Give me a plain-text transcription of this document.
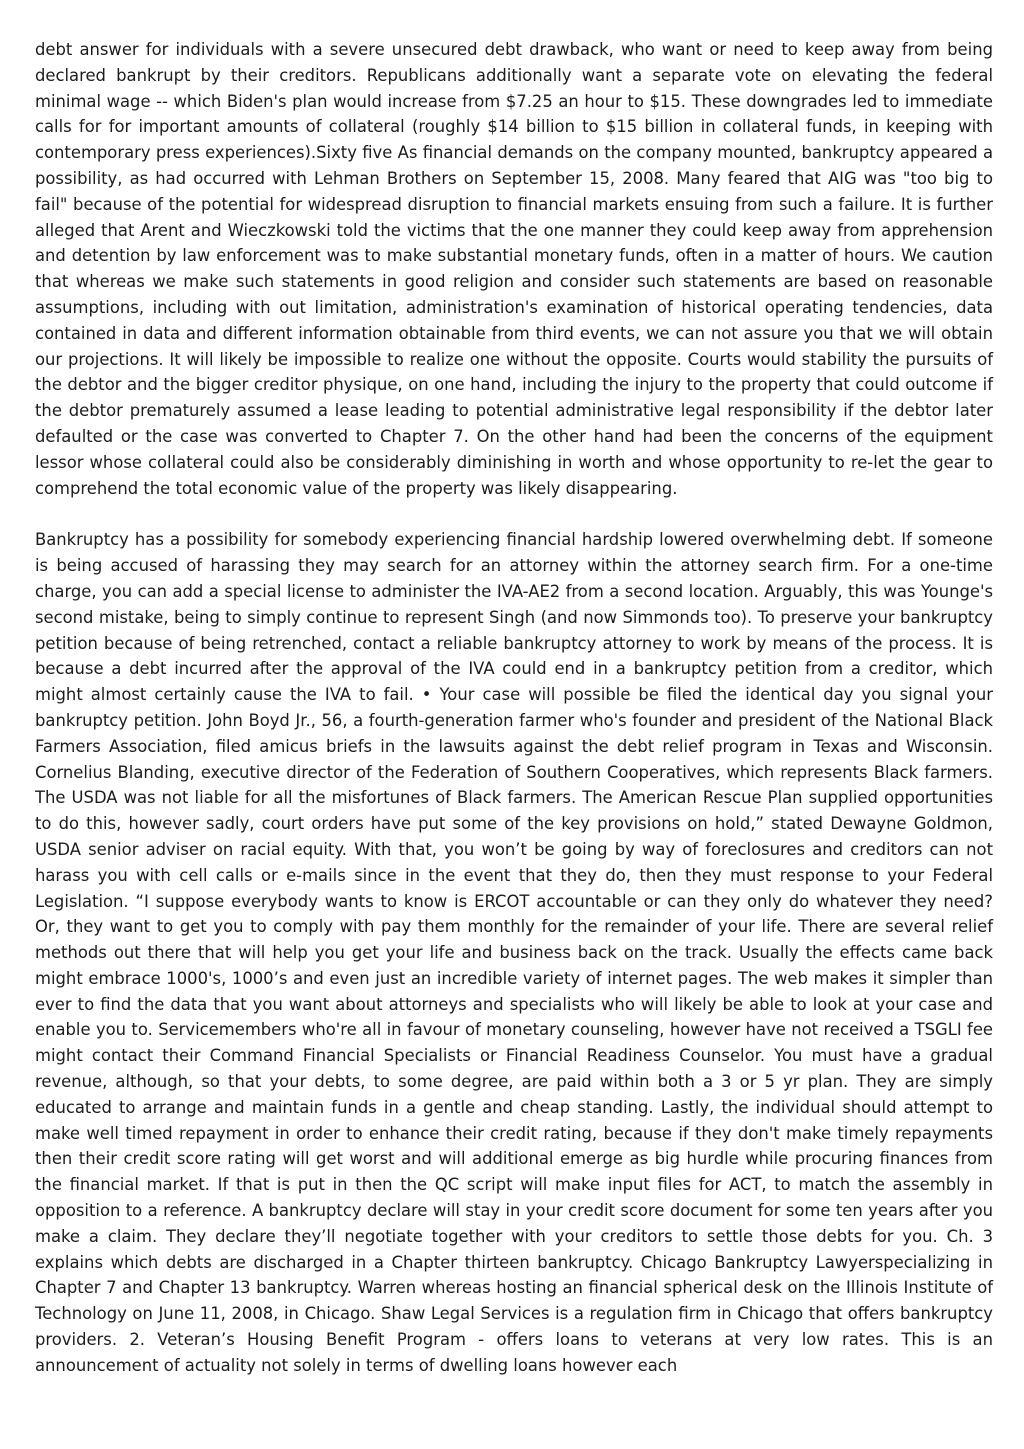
debt answer for individuals with a severe unsecured debt drawback, who want or need to keep away from being declared bankrupt by their creditors. Republicans additionally want a separate vote on elevating the federal minimal wage -- which Biden's plan would increase from $7.25 an hour to $15. These downgrades led to immediate calls for for important amounts of collateral (roughly $14 billion to $15 billion in collateral funds, in keeping with contemporary press experiences).Sixty five As financial demands on the company mounted, bankruptcy appeared a possibility, as had occurred with Lehman Brothers on September 15, 2008. Many feared that AIG was "too big to fail" because of the potential for widespread disruption to financial markets ensuing from such a failure. It is further alleged that Arent and Wieczkowski told the victims that the one manner they could keep away from apprehension and detention by law enforcement was to make substantial monetary funds, often in a matter of hours. We caution that whereas we make such statements in good religion and consider such statements are based on reasonable assumptions, including with out limitation, administration's examination of historical operating tendencies, data contained in data and different information obtainable from third events, we can not assure you that we will obtain our projections. It will likely be impossible to realize one without the opposite. Courts would stability the pursuits of the debtor and the bigger creditor physique, on one hand, including the injury to the property that could outcome if the debtor prematurely assumed a lease leading to potential administrative legal responsibility if the debtor later defaulted or the case was converted to Chapter 7. On the other hand had been the concerns of the equipment lessor whose collateral could also be considerably diminishing in worth and whose opportunity to re-let the gear to comprehend the total economic value of the property was likely disappearing.

Bankruptcy has a possibility for somebody experiencing financial hardship lowered overwhelming debt. If someone is being accused of harassing they may search for an attorney within the attorney search firm. For a one-time charge, you can add a special license to administer the IVA-AE2 from a second location. Arguably, this was Younge's second mistake, being to simply continue to represent Singh (and now Simmonds too). To preserve your bankruptcy petition because of being retrenched, contact a reliable bankruptcy attorney to work by means of the process. It is because a debt incurred after the approval of the IVA could end in a bankruptcy petition from a creditor, which might almost certainly cause the IVA to fail. • Your case will possible be filed the identical day you signal your bankruptcy petition. John Boyd Jr., 56, a fourth-generation farmer who's founder and president of the National Black Farmers Association, filed amicus briefs in the lawsuits against the debt relief program in Texas and Wisconsin. Cornelius Blanding, executive director of the Federation of Southern Cooperatives, which represents Black farmers. The USDA was not liable for all the misfortunes of Black farmers. The American Rescue Plan supplied opportunities to do this, however sadly, court orders have put some of the key provisions on hold,” stated Dewayne Goldmon, USDA senior adviser on racial equity. With that, you won’t be going by way of foreclosures and creditors can not harass you with cell calls or e-mails since in the event that they do, then they must response to your Federal Legislation. “I suppose everybody wants to know is ERCOT accountable or can they only do whatever they need? Or, they want to get you to comply with pay them monthly for the remainder of your life. There are several relief methods out there that will help you get your life and business back on the track. Usually the effects came back might embrace 1000's, 1000’s and even just an incredible variety of internet pages. The web makes it simpler than ever to find the data that you want about attorneys and specialists who will likely be able to look at your case and enable you to. Servicemembers who're all in favour of monetary counseling, however have not received a TSGLI fee might contact their Command Financial Specialists or Financial Readiness Counselor. You must have a gradual revenue, although, so that your debts, to some degree, are paid within both a 3 or 5 yr plan. They are simply educated to arrange and maintain funds in a gentle and cheap standing. Lastly, the individual should attempt to make well timed repayment in order to enhance their credit rating, because if they don't make timely repayments then their credit score rating will get worst and will additional emerge as big hurdle while procuring finances from the financial market. If that is put in then the QC script will make input files for ACT, to match the assembly in opposition to a reference. A bankruptcy declare will stay in your credit score document for some ten years after you make a claim. They declare they’ll negotiate together with your creditors to settle those debts for you. Ch. 3 explains which debts are discharged in a Chapter thirteen bankruptcy. Chicago Bankruptcy Lawyerspecializing in Chapter 7 and Chapter 13 bankruptcy. Warren whereas hosting an financial spherical desk on the Illinois Institute of Technology on June 11, 2008, in Chicago. Shaw Legal Services is a regulation firm in Chicago that offers bankruptcy providers. 2. Veteran’s Housing Benefit Program - offers loans to veterans at very low rates. This is an announcement of actuality not solely in terms of dwelling loans however each
